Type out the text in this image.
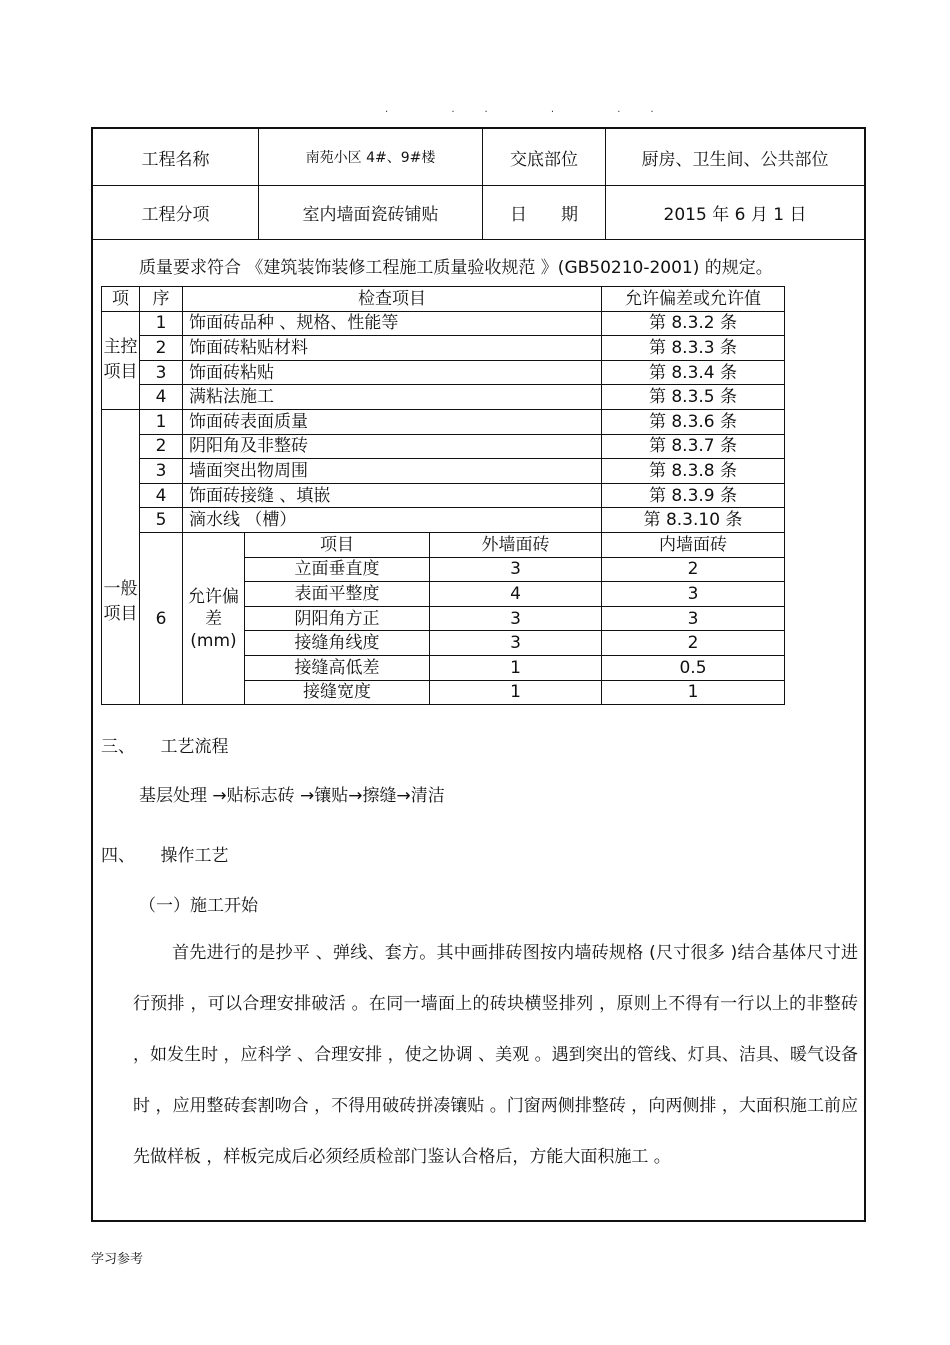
. .. . ..
工程名称	南苑小区 4#、9#楼	交底部位	厨房、卫生间、公共部位
工程分项	室内墙面瓷砖铺贴	日　　期	2015 年 6 月 1 日
质量要求符合 《建筑装饰装修工程施工质量验收规范 》(GB50210-2001) 的规定。
项	序	检查项目			允许偏差或允许值
主控项目	1	饰面砖品种 、规格、性能等			第 8.3.2 条
	2	饰面砖粘贴材料			第 8.3.3 条
	3	饰面砖粘贴			第 8.3.4 条
	4	满粘法施工			第 8.3.5 条
一般项目	1	饰面砖表面质量			第 8.3.6 条
	2	阴阳角及非整砖			第 8.3.7 条
	3	墙面突出物周围			第 8.3.8 条
	4	饰面砖接缝 、填嵌			第 8.3.9 条
	5	滴水线 （槽）			第 8.3.10 条
	6	允许偏差(mm)	项目	外墙面砖	内墙面砖
			立面垂直度	3	2
			表面平整度	4	3
			阴阳角方正	3	3
			接缝角线度	3	2
			接缝高低差	1	0.5
			接缝宽度	1	1
三、　　工艺流程
基层处理 →贴标志砖 →镶贴→擦缝→清洁
四、　　操作工艺
（一）施工开始
首先进行的是抄平 、弹线、套方。其中画排砖图按内墙砖规格 (尺寸很多 )结合基体尺寸进行预排 ，可以合理安排破活 。在同一墙面上的砖块横竖排列 ，原则上不得有一行以上的非整砖 ，如发生时 ，应科学 、合理安排 ，使之协调 、美观 。遇到突出的管线、灯具、洁具、暖气设备时 ，应用整砖套割吻合 ，不得用破砖拼凑镶贴 。门窗两侧排整砖 ，向两侧排 ，大面积施工前应先做样板 ，样板完成后必须经质检部门鉴认合格后，方能大面积施工 。
学习参考
